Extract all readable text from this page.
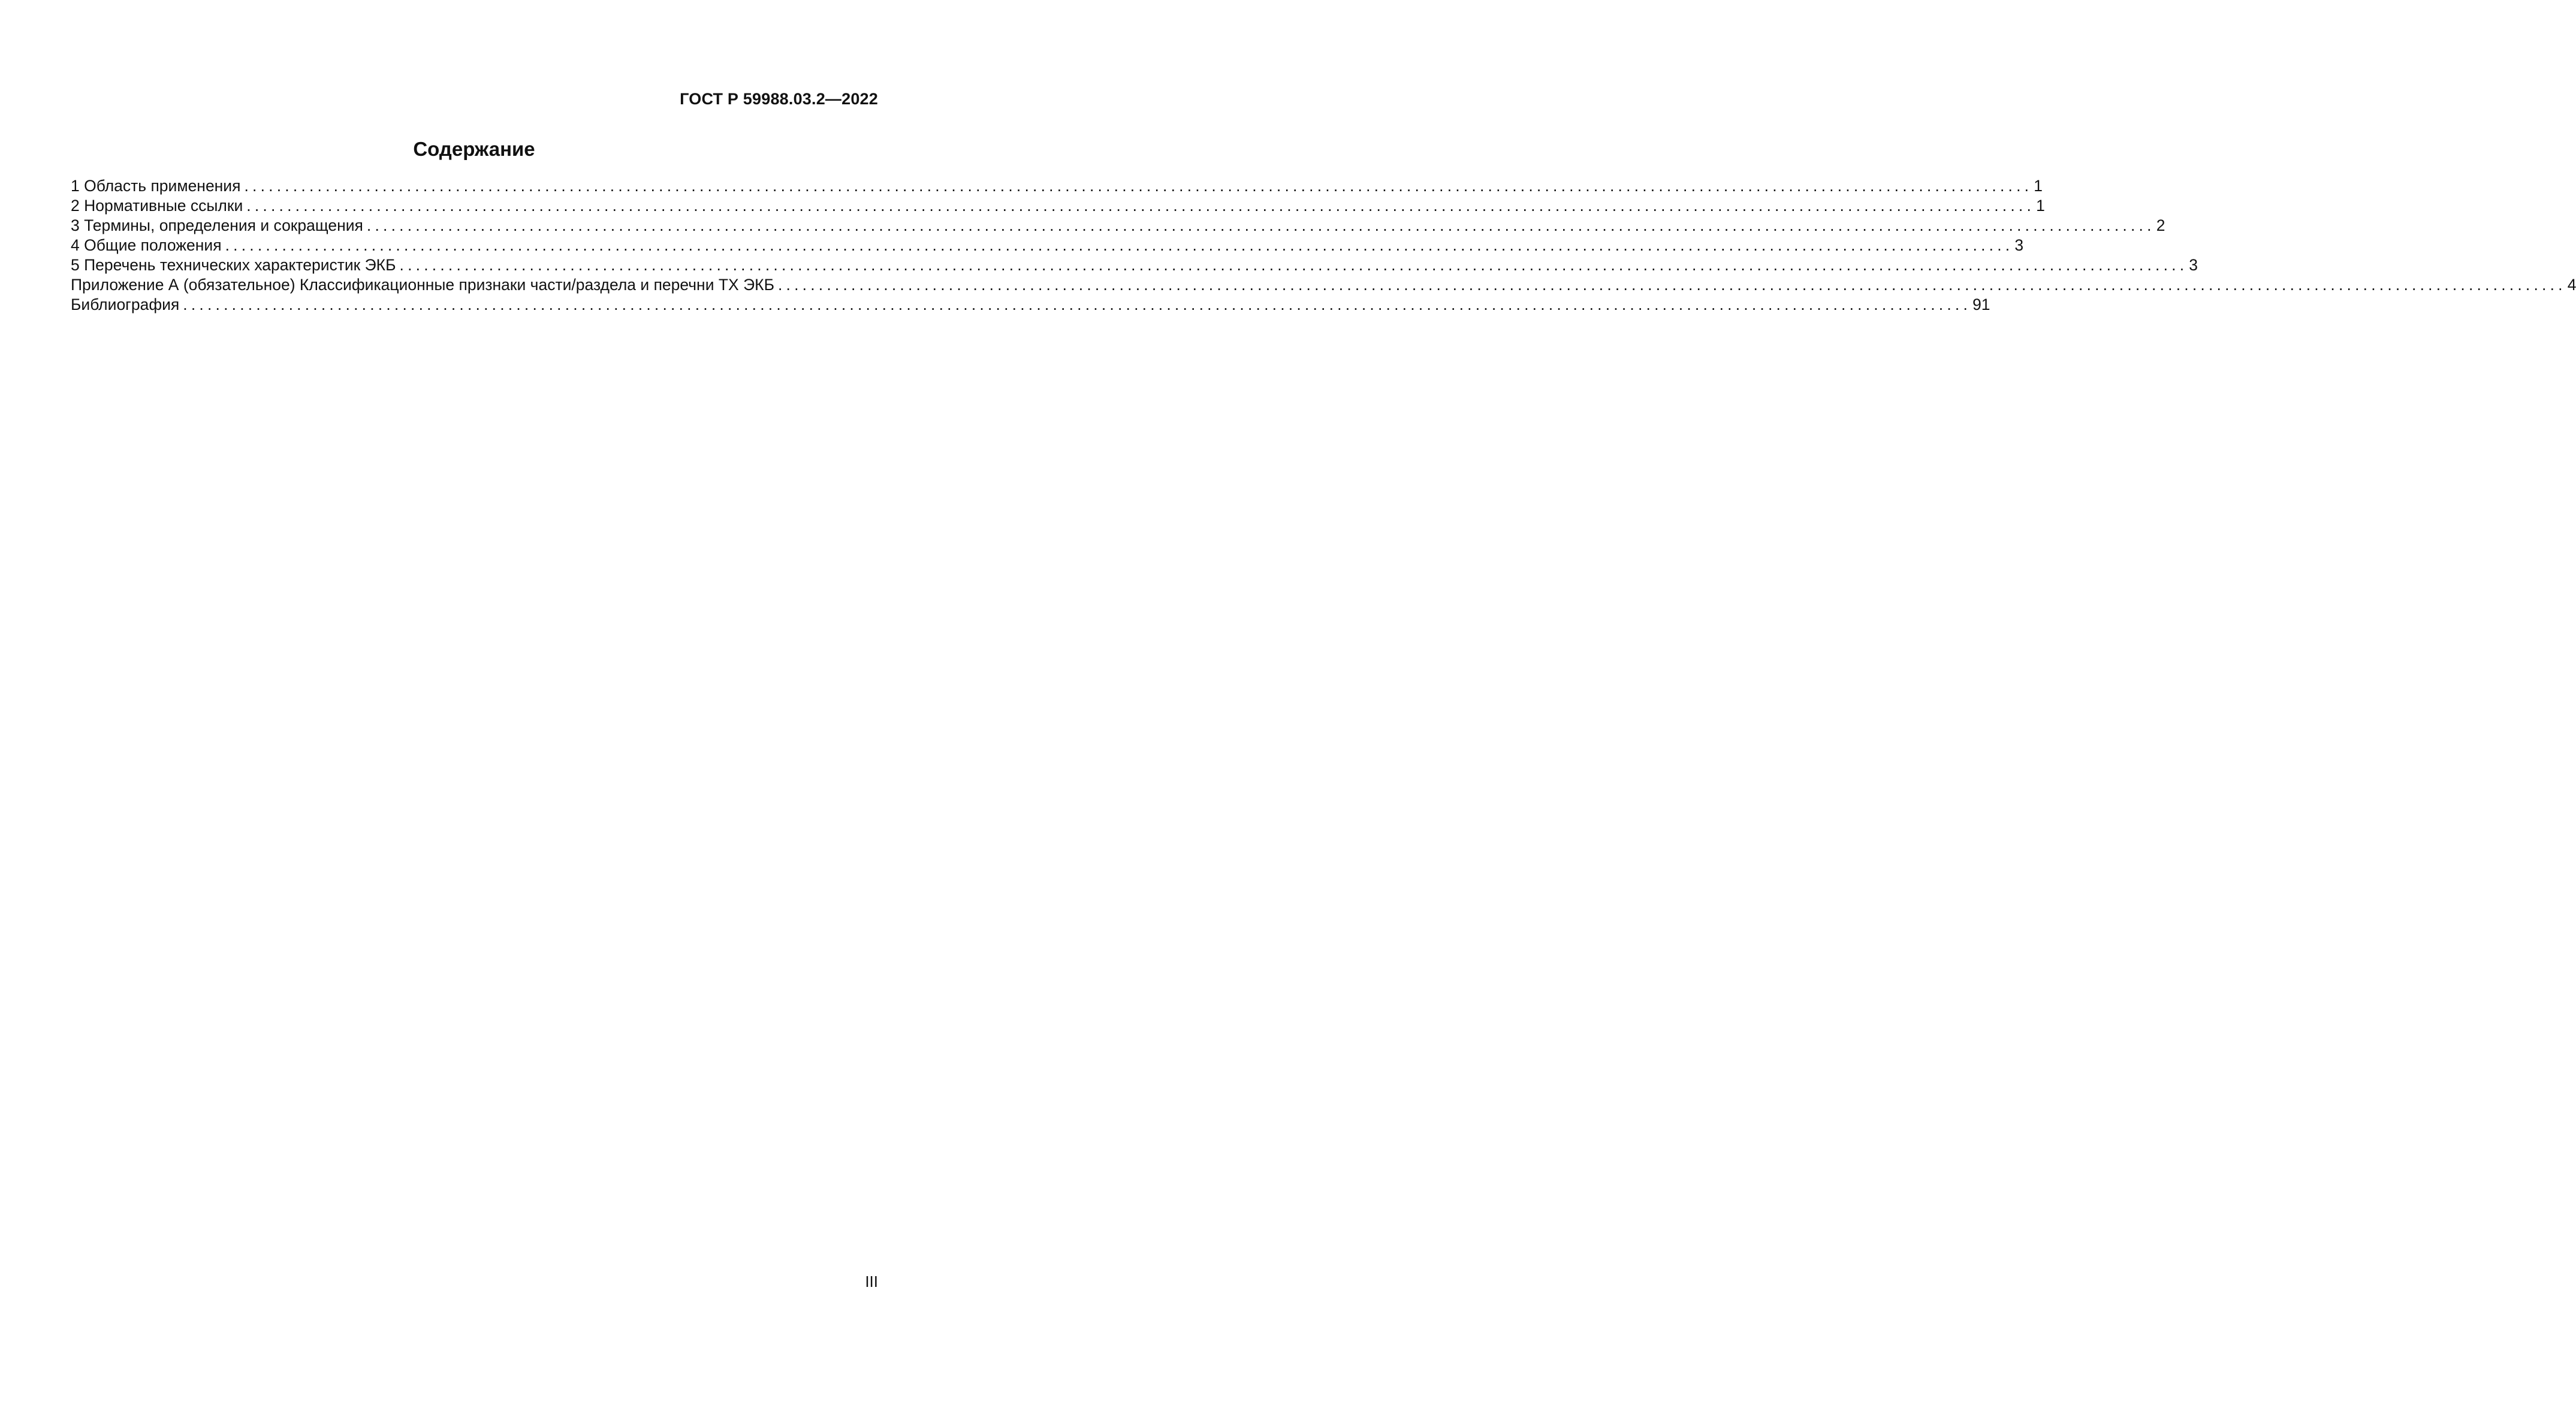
ГОСТ Р 59988.03.2—2022
Содержание
1 Область применения ............................................................................................................................................................................................................................ 1
2 Нормативные ссылки ............................................................................................................................................................................................................................ 1
3 Термины, определения и сокращения ............................................................................................................................................................................................................................ 2
4 Общие положения ............................................................................................................................................................................................................................ 3
5 Перечень технических характеристик ЭКБ ............................................................................................................................................................................................................................ 3
Приложение А (обязательное) Классификационные признаки части/раздела и перечни ТХ ЭКБ ............................................................................................................................................................................................................................ 4
Библиография ............................................................................................................................................................................................................................ 91
III
